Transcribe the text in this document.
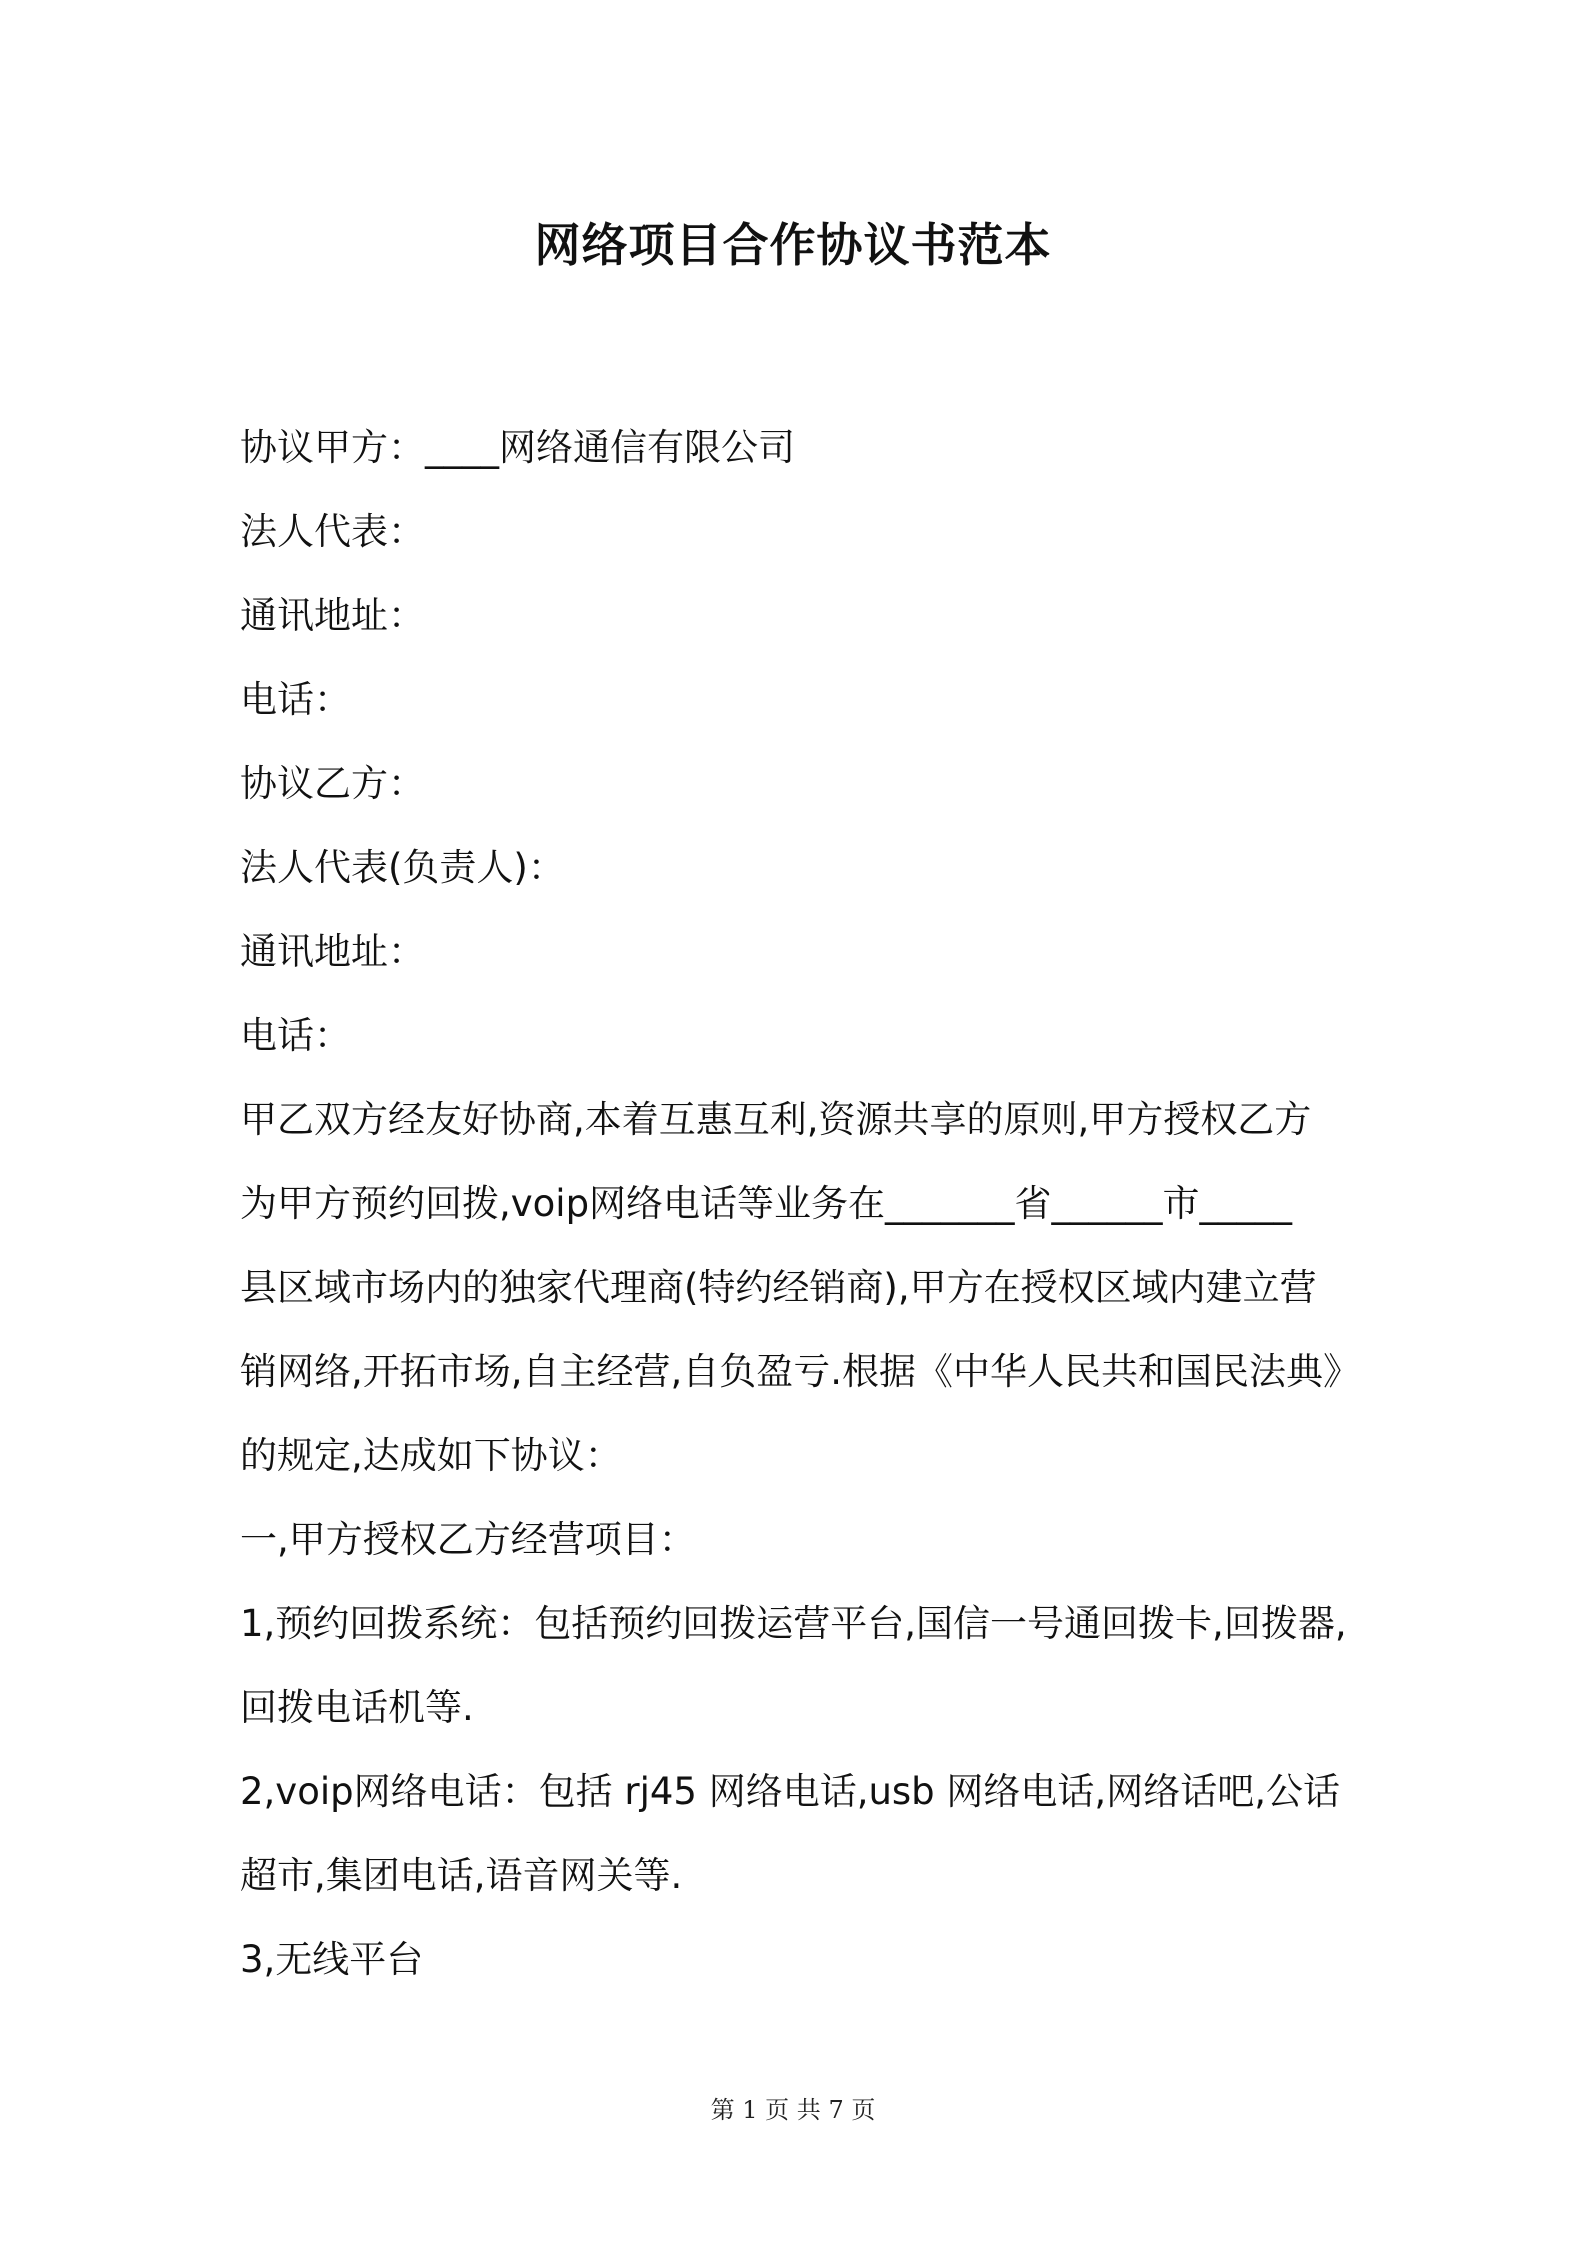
网络项目合作协议书范本
协议甲方：____网络通信有限公司
法人代表：
通讯地址：
电话：
协议乙方：
法人代表(负责人)：
通讯地址：
电话：
甲乙双方经友好协商,本着互惠互利,资源共享的原则,甲方授权乙方
为甲方预约回拨,voip网络电话等业务在_______省______市_____
县区域市场内的独家代理商(特约经销商),甲方在授权区域内建立营
销网络,开拓市场,自主经营,自负盈亏.根据《中华人民共和国民法典》
的规定,达成如下协议：
一,甲方授权乙方经营项目：
1,预约回拨系统：包括预约回拨运营平台,国信一号通回拨卡,回拨器,
回拨电话机等.
2,voip网络电话：包括 rj45 网络电话,usb 网络电话,网络话吧,公话
超市,集团电话,语音网关等.
3,无线平台
第 1 页 共 7 页
